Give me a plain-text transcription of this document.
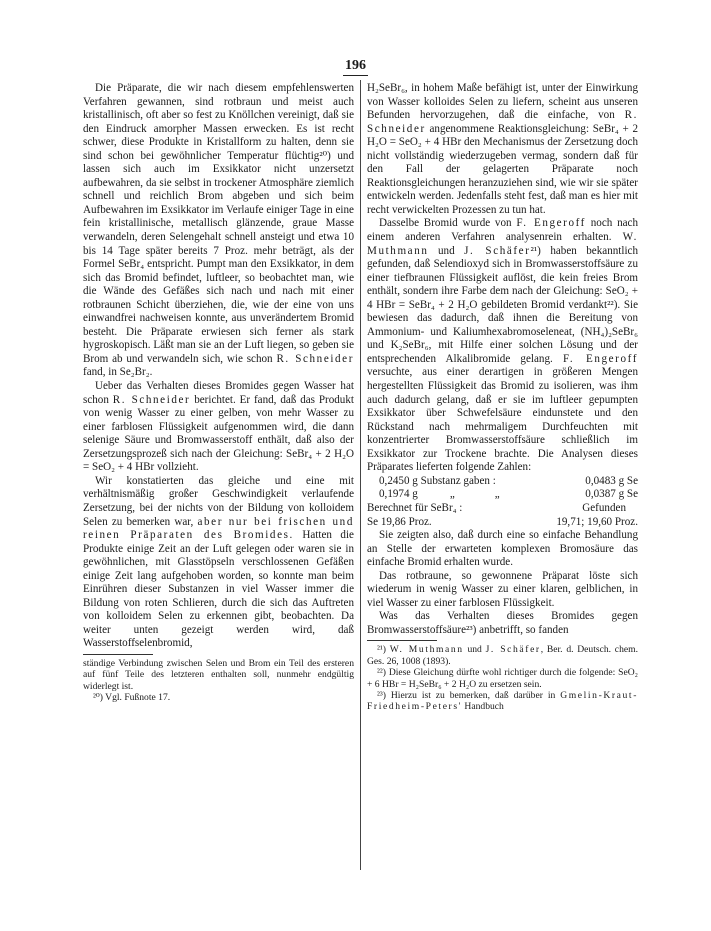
196

Die Präparate, die wir nach diesem empfehlenswerten Verfahren gewannen, sind rotbraun und meist auch kristallinisch, oft aber so fest zu Knöllchen vereinigt, daß sie den Eindruck amorpher Massen erwecken. Es ist recht schwer, diese Produkte in Kristallform zu halten, denn sie sind schon bei gewöhnlicher Temperatur flüchtig²⁰) und lassen sich auch im Exsikkator nicht unzersetzt aufbewahren, da sie selbst in trockener Atmosphäre ziemlich schnell und reichlich Brom abgeben und sich beim Aufbewahren im Exsikkator im Verlaufe einiger Tage in eine fein kristallinische, metallisch glänzende, graue Masse verwandeln, deren Selengehalt schnell ansteigt und etwa 10 bis 14 Tage später bereits 7 Proz. mehr beträgt, als der Formel SeBr₄ entspricht. Pumpt man den Exsikkator, in dem sich das Bromid befindet, luftleer, so beobachtet man, wie die Wände des Gefäßes sich nach und nach mit einer rotbraunen Schicht überziehen, die, wie der eine von uns einwandfrei nachweisen konnte, aus unverändertem Bromid besteht. Die Präparate erwiesen sich ferner als stark hygroskopisch. Läßt man sie an der Luft liegen, so geben sie Brom ab und verwandeln sich, wie schon R. Schneider fand, in Se₂Br₂.

Ueber das Verhalten dieses Bromides gegen Wasser hat schon R. Schneider berichtet. Er fand, daß das Produkt von wenig Wasser zu einer gelben, von mehr Wasser zu einer farblosen Flüssigkeit aufgenommen wird, die dann selenige Säure und Bromwasserstoff enthält, daß also der Zersetzungsprozeß sich nach der Gleichung: SeBr₄ + 2 H₂O = SeO₂ + 4 HBr vollzieht.

Wir konstatierten das gleiche und eine mit verhältnismäßig großer Geschwindigkeit verlaufende Zersetzung, bei der nichts von der Bildung von kolloidem Selen zu bemerken war, aber nur bei frischen und reinen Präparaten des Bromides. Hatten die Produkte einige Zeit an der Luft gelegen oder waren sie in gewöhnlichen, mit Glasstöpseln verschlossenen Gefäßen einige Zeit lang aufgehoben worden, so konnte man beim Einrühren dieser Substanzen in viel Wasser immer die Bildung von roten Schlieren, durch die sich das Auftreten von kolloidem Selen zu erkennen gibt, beobachten. Da weiter unten gezeigt werden wird, daß Wasserstoffselenbromid,

ständige Verbindung zwischen Selen und Brom ein Teil des ersteren auf fünf Teile des letzteren enthalten soll, nunmehr endgültig widerlegt ist.

²⁰) Vgl. Fußnote 17.

H₂SeBr₆, in hohem Maße befähigt ist, unter der Einwirkung von Wasser kolloides Selen zu liefern, scheint aus unseren Befunden hervorzugehen, daß die einfache, von R. Schneider angenommene Reaktionsgleichung: SeBr₄ + 2 H₂O = SeO₂ + 4 HBr den Mechanismus der Zersetzung doch nicht vollständig wiederzugeben vermag, sondern daß für den Fall der gelagerten Präparate noch Reaktionsgleichungen heranzuziehen sind, wie wir sie später entwickeln werden. Jedenfalls steht fest, daß man es hier mit recht verwickelten Prozessen zu tun hat.

Dasselbe Bromid wurde von F. Engeroff noch nach einem anderen Verfahren analysenrein erhalten. W. Muthmann und J. Schäfer²¹) haben bekanntlich gefunden, daß Selendioxyd sich in Bromwasserstoffsäure zu einer tiefbraunen Flüssigkeit auflöst, die kein freies Brom enthält, sondern ihre Farbe dem nach der Gleichung: SeO₂ + 4 HBr = SeBr₄ + 2 H₂O gebildeten Bromid verdankt²²). Sie bewiesen das dadurch, daß ihnen die Bereitung von Ammonium- und Kaliumhexabromoseleneat, (NH₄)₂SeBr₆ und K₂SeBr₆, mit Hilfe einer solchen Lösung und der entsprechenden Alkalibromide gelang. F. Engeroff versuchte, aus einer derartigen in größeren Mengen hergestellten Flüssigkeit das Bromid zu isolieren, was ihm auch dadurch gelang, daß er sie im luftleer gepumpten Exsikkator über Schwefelsäure eindunstete und den Rückstand nach mehrmaligem Durchfeuchten mit konzentrierter Bromwasserstoffsäure schließlich im Exsikkator zur Trockene brachte. Die Analysen dieses Präparates lieferten folgende Zahlen:

0,2450 g Substanz gaben :	0,0483 g Se
0,1974 g „ „	0,0387 g Se
Berechnet für SeBr₄ :	Gefunden
Se 19,86 Proz.	19,71; 19,60 Proz.

Sie zeigten also, daß durch eine so einfache Behandlung an Stelle der erwarteten komplexen Bromosäure das einfache Bromid erhalten wurde.

Das rotbraune, so gewonnene Präparat löste sich wiederum in wenig Wasser zu einer klaren, gelblichen, in viel Wasser zu einer farblosen Flüssigkeit.

Was das Verhalten dieses Bromides gegen Bromwasserstoffsäure²³) anbetrifft, so fanden

²¹) W. Muthmann und J. Schäfer, Ber. d. Deutsch. chem. Ges. 26, 1008 (1893).

²²) Diese Gleichung dürfte wohl richtiger durch die folgende: SeO₂ + 6 HBr = H₂SeBr₆ + 2 H₂O zu ersetzen sein.

²³) Hierzu ist zu bemerken, daß darüber in Gmelin-Kraut-Friedheim-Peters' Handbuch
